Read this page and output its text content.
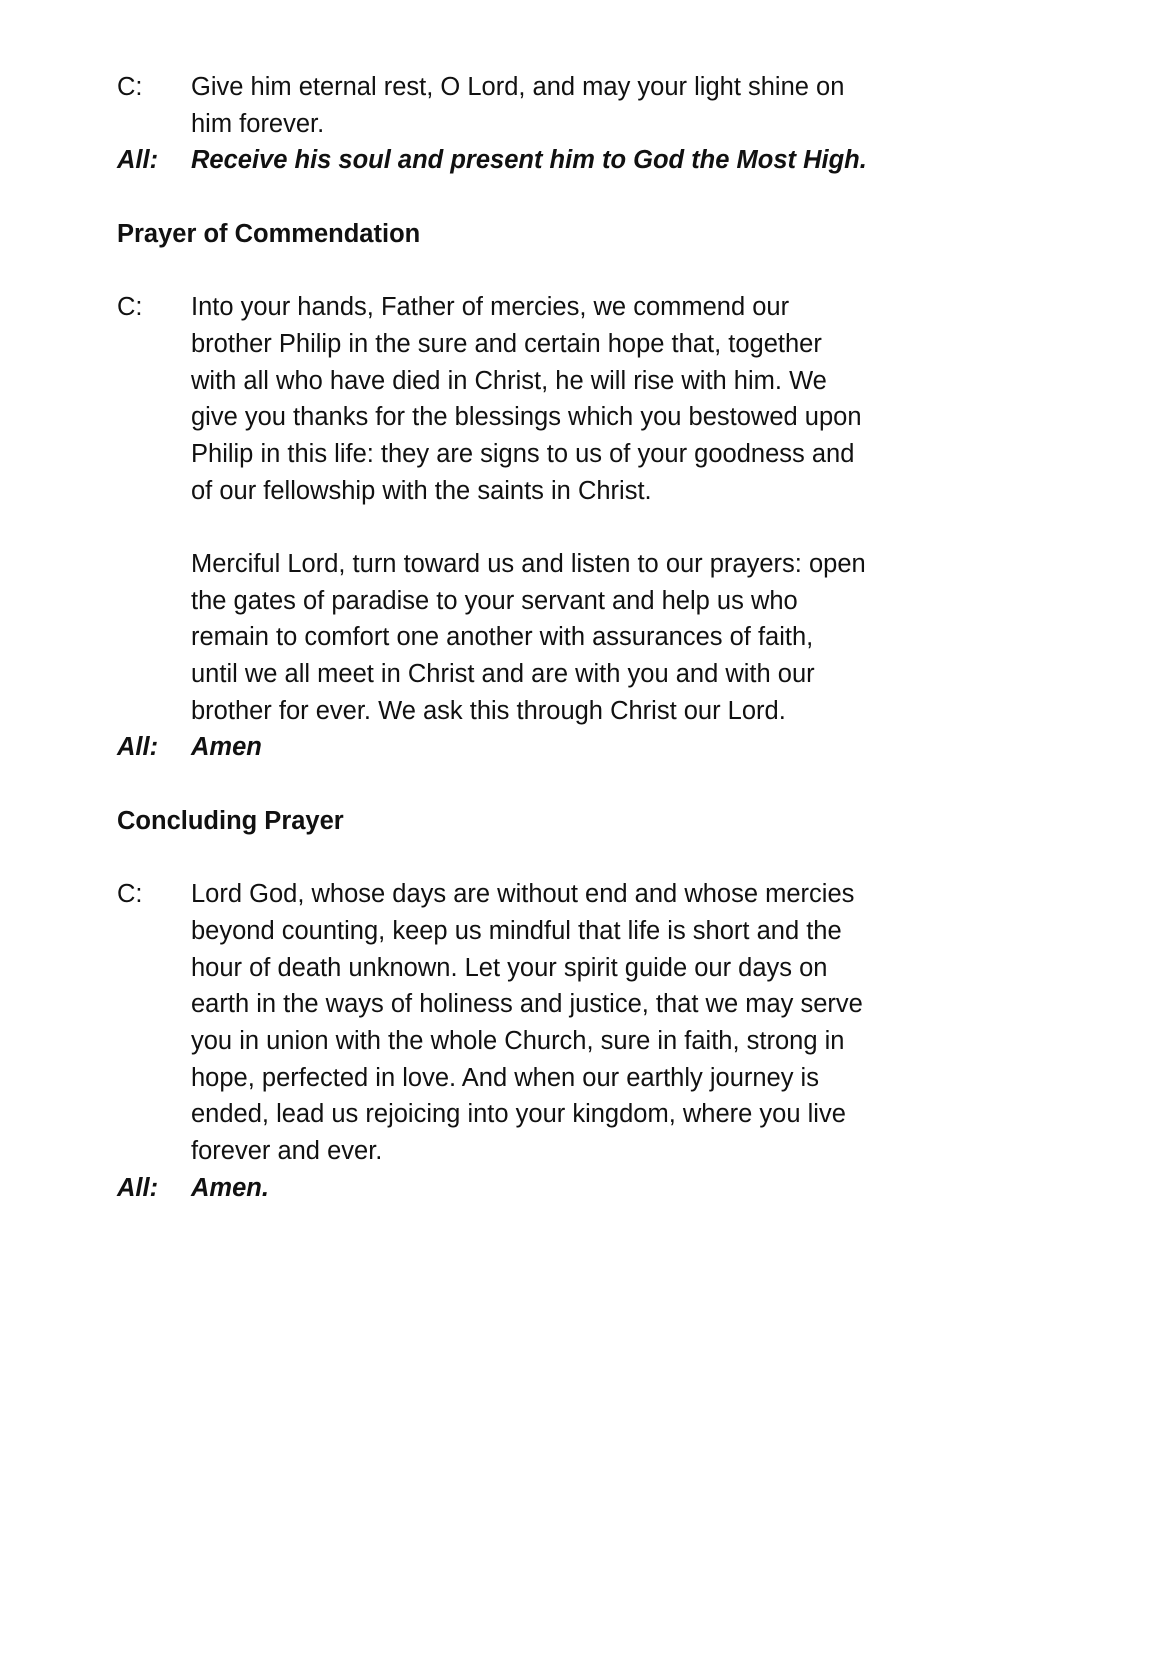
C:	Give him eternal rest, O Lord, and may your light shine on
him forever.
All:	Receive his soul and present him to God the Most High.
Prayer of Commendation
C:	Into your hands, Father of mercies, we commend our
brother Philip in the sure and certain hope that, together
with all who have died in Christ, he will rise with him. We
give you thanks for the blessings which you bestowed upon
Philip in this life: they are signs to us of your goodness and
of our fellowship with the saints in Christ.
Merciful Lord, turn toward us and listen to our prayers: open
the gates of paradise to your servant and help us who
remain to comfort one another with assurances of faith,
until we all meet in Christ and are with you and with our
brother for ever. We ask this through Christ our Lord.
All:	Amen
Concluding Prayer
C:	Lord God, whose days are without end and whose mercies
beyond counting, keep us mindful that life is short and the
hour of death unknown. Let your spirit guide our days on
earth in the ways of holiness and justice, that we may serve
you in union with the whole Church, sure in faith, strong in
hope, perfected in love. And when our earthly journey is
ended, lead us rejoicing into your kingdom, where you live
forever and ever.
All:	Amen.
